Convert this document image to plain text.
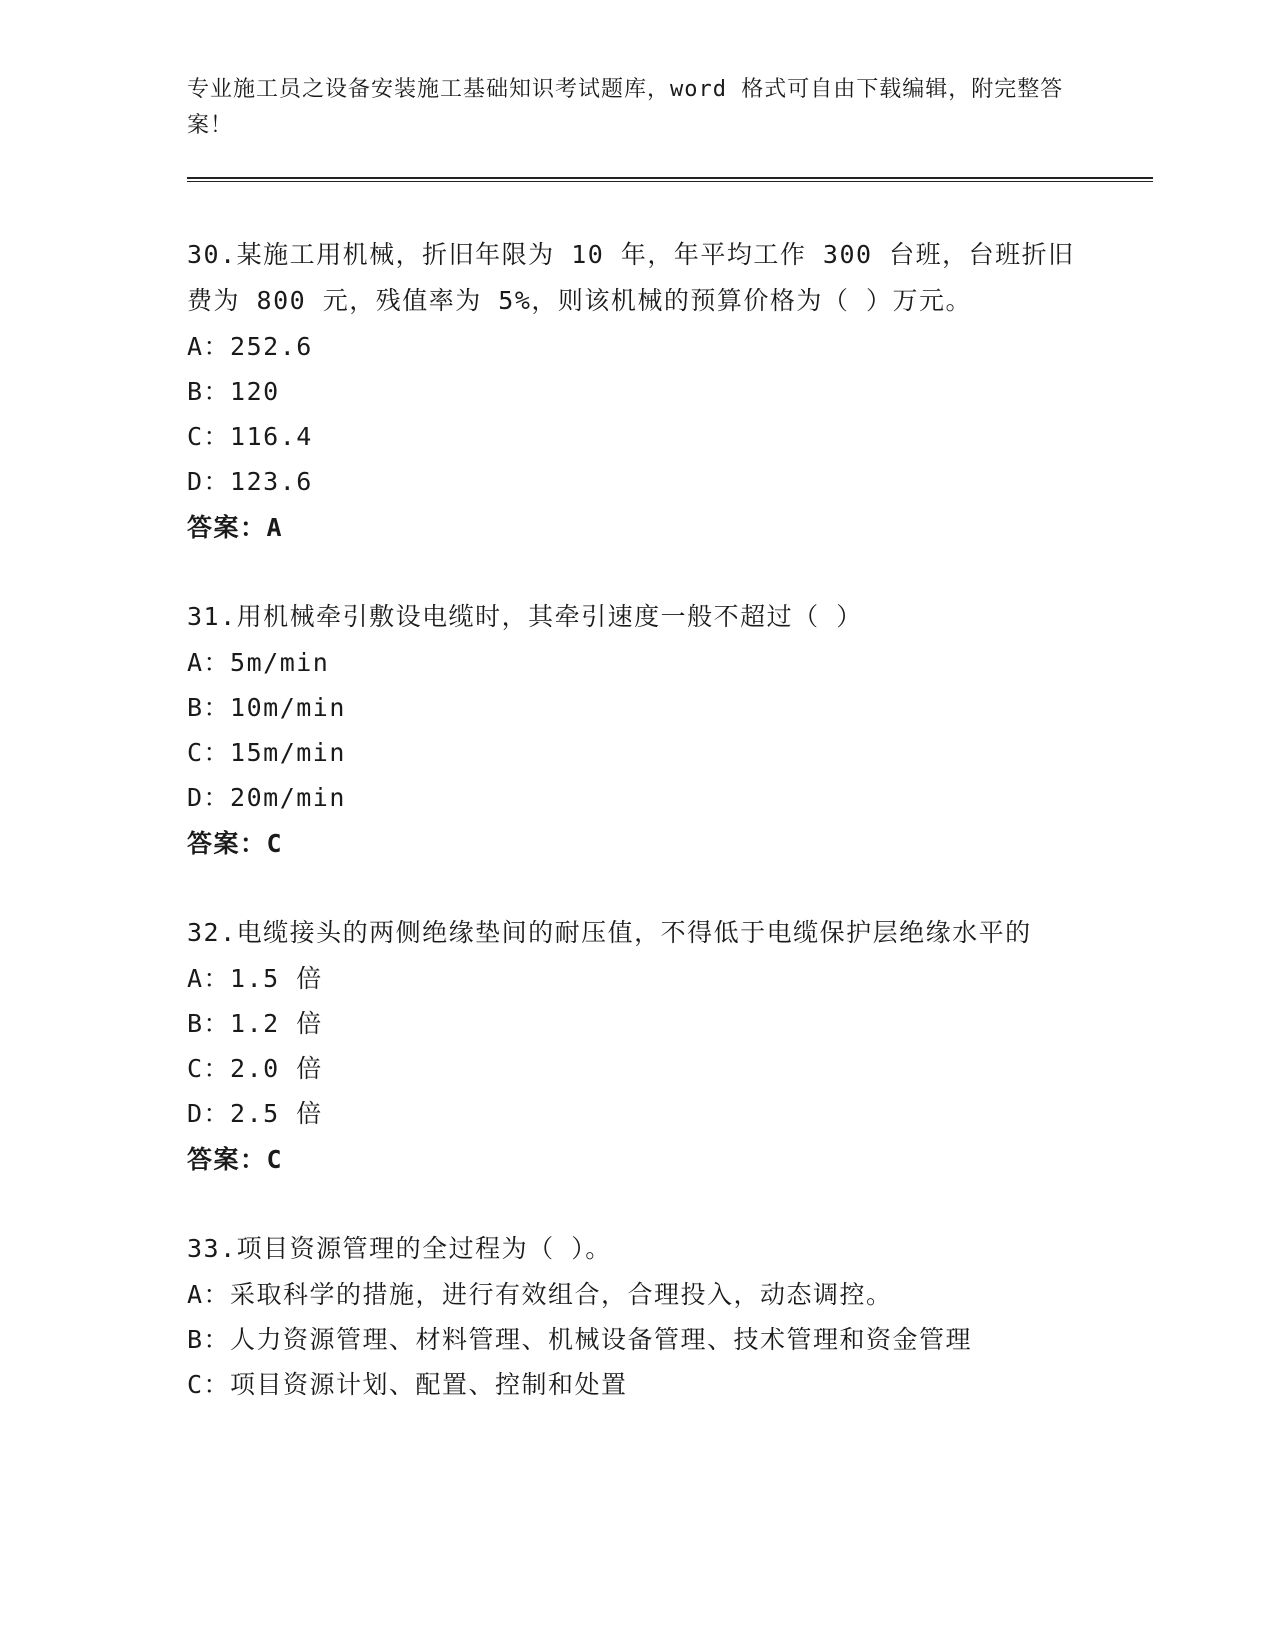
专业施工员之设备安装施工基础知识考试题库，word 格式可自由下载编辑，附完整答案！
30.某施工用机械，折旧年限为 10 年，年平均工作 300 台班，台班折旧费为 800 元，残值率为 5%，则该机械的预算价格为（ ）万元。
A：252.6
B：120
C：116.4
D：123.6
答案：A
31.用机械牵引敷设电缆时，其牵引速度一般不超过（ ）
A：5m/min
B：10m/min
C：15m/min
D：20m/min
答案：C
32.电缆接头的两侧绝缘垫间的耐压值，不得低于电缆保护层绝缘水平的
A：1.5 倍
B：1.2 倍
C：2.0 倍
D：2.5 倍
答案：C
33.项目资源管理的全过程为（ ）。
A：采取科学的措施，进行有效组合，合理投入，动态调控。
B：人力资源管理、材料管理、机械设备管理、技术管理和资金管理
C：项目资源计划、配置、控制和处置
